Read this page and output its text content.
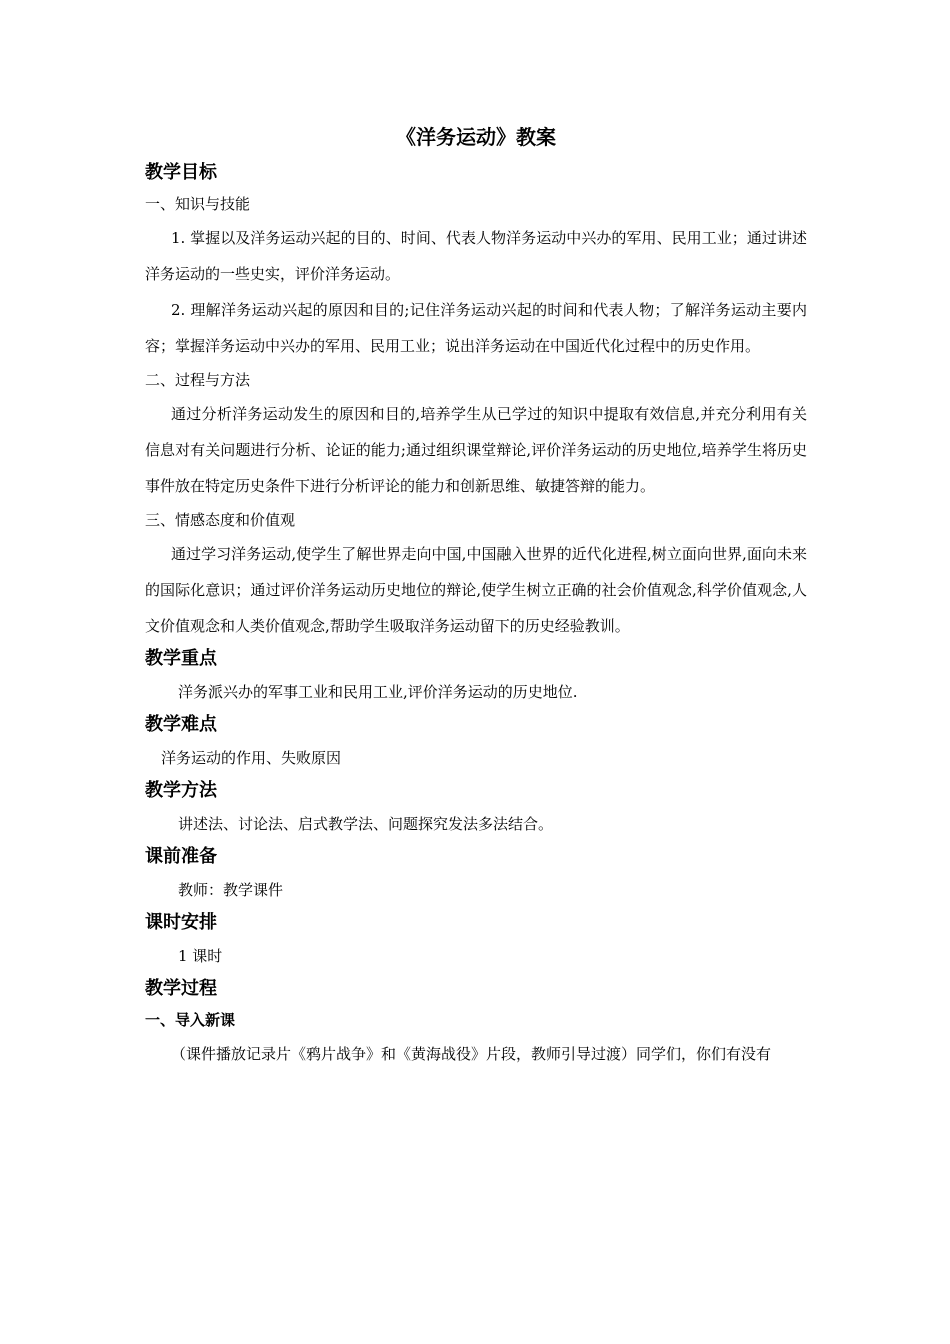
《洋务运动》教案
教学目标
一、知识与技能

1. 掌握以及洋务运动兴起的目的、时间、代表人物洋务运动中兴办的军用、民用工业；通过讲述洋务运动的一些史实，评价洋务运动。

2. 理解洋务运动兴起的原因和目的;记住洋务运动兴起的时间和代表人物；了解洋务运动主要内容；掌握洋务运动中兴办的军用、民用工业；说出洋务运动在中国近代化过程中的历史作用。

二、过程与方法

通过分析洋务运动发生的原因和目的,培养学生从已学过的知识中提取有效信息,并充分利用有关信息对有关问题进行分析、论证的能力;通过组织课堂辩论,评价洋务运动的历史地位,培养学生将历史事件放在特定历史条件下进行分析评论的能力和创新思维、敏捷答辩的能力。

三、情感态度和价值观

通过学习洋务运动,使学生了解世界走向中国,中国融入世界的近代化进程,树立面向世界,面向未来的国际化意识；通过评价洋务运动历史地位的辩论,使学生树立正确的社会价值观念,科学价值观念,人文价值观念和人类价值观念,帮助学生吸取洋务运动留下的历史经验教训。

教学重点

洋务派兴办的军事工业和民用工业,评价洋务运动的历史地位.

教学难点

洋务运动的作用、失败原因

教学方法

讲述法、讨论法、启式教学法、问题探究发法多法结合。

课前准备

教师：教学课件

课时安排

1 课时

教学过程
一、导入新课

（课件播放记录片《鸦片战争》和《黄海战役》片段，教师引导过渡）同学们，你们有没有
